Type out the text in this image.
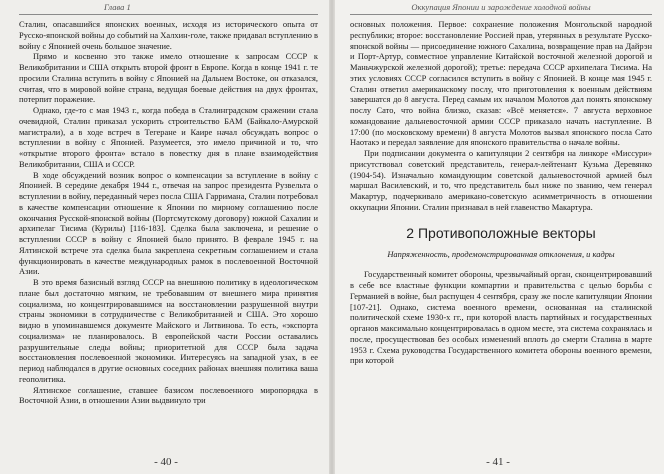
Глава 1

Сталин, опасавшийся японских военных, исходя из исторического опыта от Русско-японской войны до событий на Халхин-голе, также придавал вступлению в войну с Японией очень большое значение.

Прямо и косвенно это также имело отношение к запросам СССР к Великобритании и США открыть второй фронт в Европе. Когда в конце 1941 г. те просили Сталина вступить в войну с Японией на Дальнем Востоке, он отказался, считая, что в мировой войне страна, ведущая боевые действия на двух фронтах, потерпит поражение.

Однако, где-то с мая 1943 г., когда победа в Сталинградском сражении стала очевидной, Сталин приказал ускорить строительство БАМ (Байкало-Амурской магистрали), а в ходе встреч в Тегеране и Каире начал обсуждать вопрос о вступлении в войну с Японией. Разумеется, это имело причиной и то, что «открытие второго фронта» встало в повестку дня в плане взаимодействия Великобритании, США и СССР.

В ходе обсуждений возник вопрос о компенсации за вступление в войну с Японией. В середине декабря 1944 г., отвечая на запрос президента Рузвельта о вступлении в войну, переданный через посла США Гарримана, Сталин потребовал в качестве компенсации отношение к Японии по мирному соглашению после окончания Русской-японской войны (Портсмутскому договору) южной Сахалин и архипелаг Тисима (Курилы) [116-183]. Сделка была заключена, и решение о вступлении СССР в войну с Японией было принято. В феврале 1945 г. на Ялтинской встрече эта сделка была закреплена секретным соглашением и стала функционировать в качестве международных рамок в послевоенной Восточной Азии.

В это время базисный взгляд СССР на внешнюю политику в идеологическом плане был достаточно мягким, не требовавшим от внешнего мира принятия социализма, но концентрировавшимся на восстановлении разрушенной внутри страны экономики в сотрудничестве с Великобританией и США. Это хорошо видно в упоминавшемся документе Майского и Литвинова. То есть, «экспорта социализма» не планировалось. В европейской части России оставались разрушительные следы войны; приоритетной для СССР была задача восстановления послевоенной экономики. Интересуясь на западной узах, в ее период наблюдался в другие основных соседних районах внешняя политика ваша геополитика.

Ялтинское соглашение, ставшее базисом послевоенного миропорядка в Восточной Азии, в отношении Азии выдвинуло три

- 40 -
Оккупация Японии и зарождение холодной войны

основных положения. Первое: сохранение положения Монгольской народной республики; второе: восстановление Россией прав, утерянных в результате Русско-японской войны — присоединение южного Сахалина, возвращение прав на Дайрэн и Порт-Артур, совместное управление Китайской восточной железной дорогой и Маньчжурской железной дорогой); третье: передача СССР архипелага Тисима. На этих условиях СССР согласился вступить в войну с Японией. В конце мая 1945 г. Сталин ответил американскому послу, что приготовления к военным действиям завершатся до 8 августа. Перед самым их началом Молотов дал понять японскому послу Сато, что война близко, сказав: «Всё меняется». 7 августа верховное командование дальневосточной армии СССР приказало начать наступление. В 17:00 (по московскому времени) 8 августа Молотов вызвал японского посла Сато Наотакэ и передал заявление для японского правительства о начале войны.

При подписании документа о капитуляции 2 сентября на линкоре «Миссури» присутствовал советский представитель, генерал-лейтенант Кузьма Деревянко (1904-54). Изначально командующим советской дальневосточной армией был маршал Василевский, и то, что представитель был ниже по званию, чем генерал Макартур, подчеркивало американо-советскую асимметричность в отношении оккупации Японии. Сталин признавал в ней главенство Макартура.

2 Противоположные векторы
Напряженность, продемонстрированная отклонения, и кадры

Государственный комитет обороны, чрезвычайный орган, сконцентрировавший в себе все властные функции компартии и правительства с целью борьбы с Германией в войне, был распущен 4 сентября, сразу же после капитуляции Японии [107-21]. Однако, система военного времени, основанная на сталинской политической схеме 1930-х гг., при которой власть партийных и государственных органов максимально концентрировалась в одном месте, эта система сохранялась и после, просуществовав без особых изменений вплоть до смерти Сталина в марте 1953 г. Схема руководства Государственного комитета обороны военного времени, при которой

- 41 -
